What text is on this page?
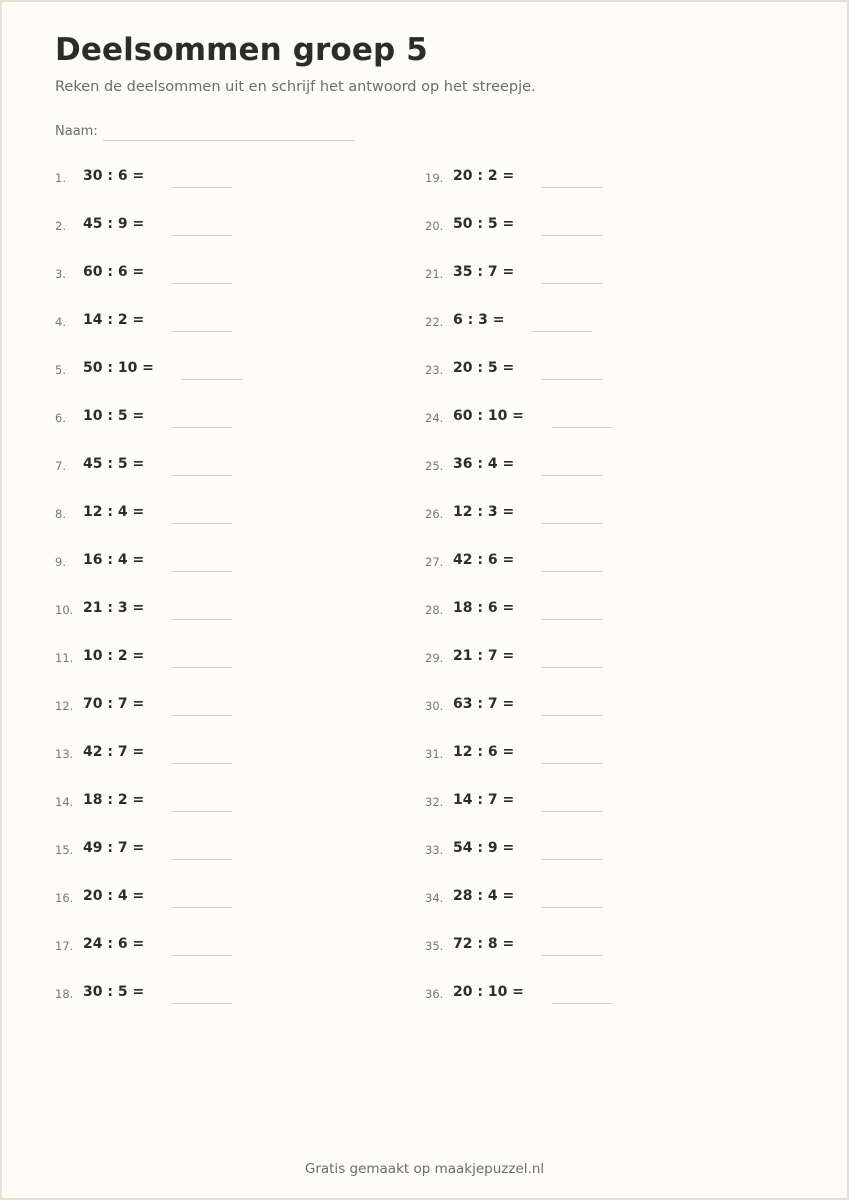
Deelsommen groep 5
Reken de deelsommen uit en schrijf het antwoord op het streepje.
Naam:
1.	30 : 6 =
2.	45 : 9 =
3.	60 : 6 =
4.	14 : 2 =
5.	50 : 10 =
6.	10 : 5 =
7.	45 : 5 =
8.	12 : 4 =
9.	16 : 4 =
10. 21 : 3 =
11. 10 : 2 =
12. 70 : 7 =
13. 42 : 7 =
14. 18 : 2 =
15. 49 : 7 =
16. 20 : 4 =
17. 24 : 6 =
18. 30 : 5 =
19. 20 : 2 =
20. 50 : 5 =
21. 35 : 7 =
22. 6 : 3 =
23. 20 : 5 =
24. 60 : 10 =
25. 36 : 4 =
26. 12 : 3 =
27. 42 : 6 =
28. 18 : 6 =
29. 21 : 7 =
30. 63 : 7 =
31. 12 : 6 =
32. 14 : 7 =
33. 54 : 9 =
34. 28 : 4 =
35. 72 : 8 =
36. 20 : 10 =
Gratis gemaakt op maakjepuzzel.nl
